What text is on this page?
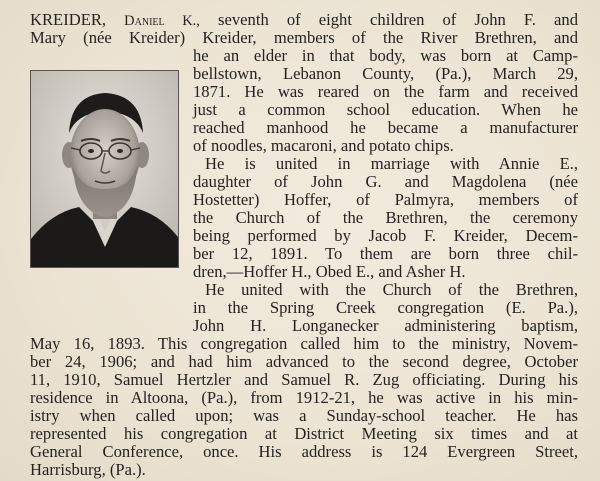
KREIDER, Daniel K., seventh of eight children of John F. and
Mary (née Kreider) Kreider, members of the River Brethren, and
he an elder in that body, was born at Camp-
bellstown, Lebanon County, (Pa.), March 29,
1871. He was reared on the farm and received
just a common school education. When he
reached manhood he became a manufacturer
of noodles, macaroni, and potato chips.
He is united in marriage with Annie E.,
daughter of John G. and Magdolena (née
Hostetter) Hoffer, of Palmyra, members of
the Church of the Brethren, the ceremony
being performed by Jacob F. Kreider, Decem-
ber 12, 1891. To them are born three chil-
dren,—Hoffer H., Obed E., and Asher H.
He united with the Church of the Brethren,
in the Spring Creek congregation (E. Pa.),
John H. Longanecker administering baptism,
May 16, 1893. This congregation called him to the ministry, Novem-
ber 24, 1906; and had him advanced to the second degree, October
11, 1910, Samuel Hertzler and Samuel R. Zug officiating. During his
residence in Altoona, (Pa.), from 1912-21, he was active in his min-
istry when called upon; was a Sunday-school teacher. He has
represented his congregation at District Meeting six times and at
General Conference, once. His address is 124 Evergreen Street,
Harrisburg, (Pa.).
